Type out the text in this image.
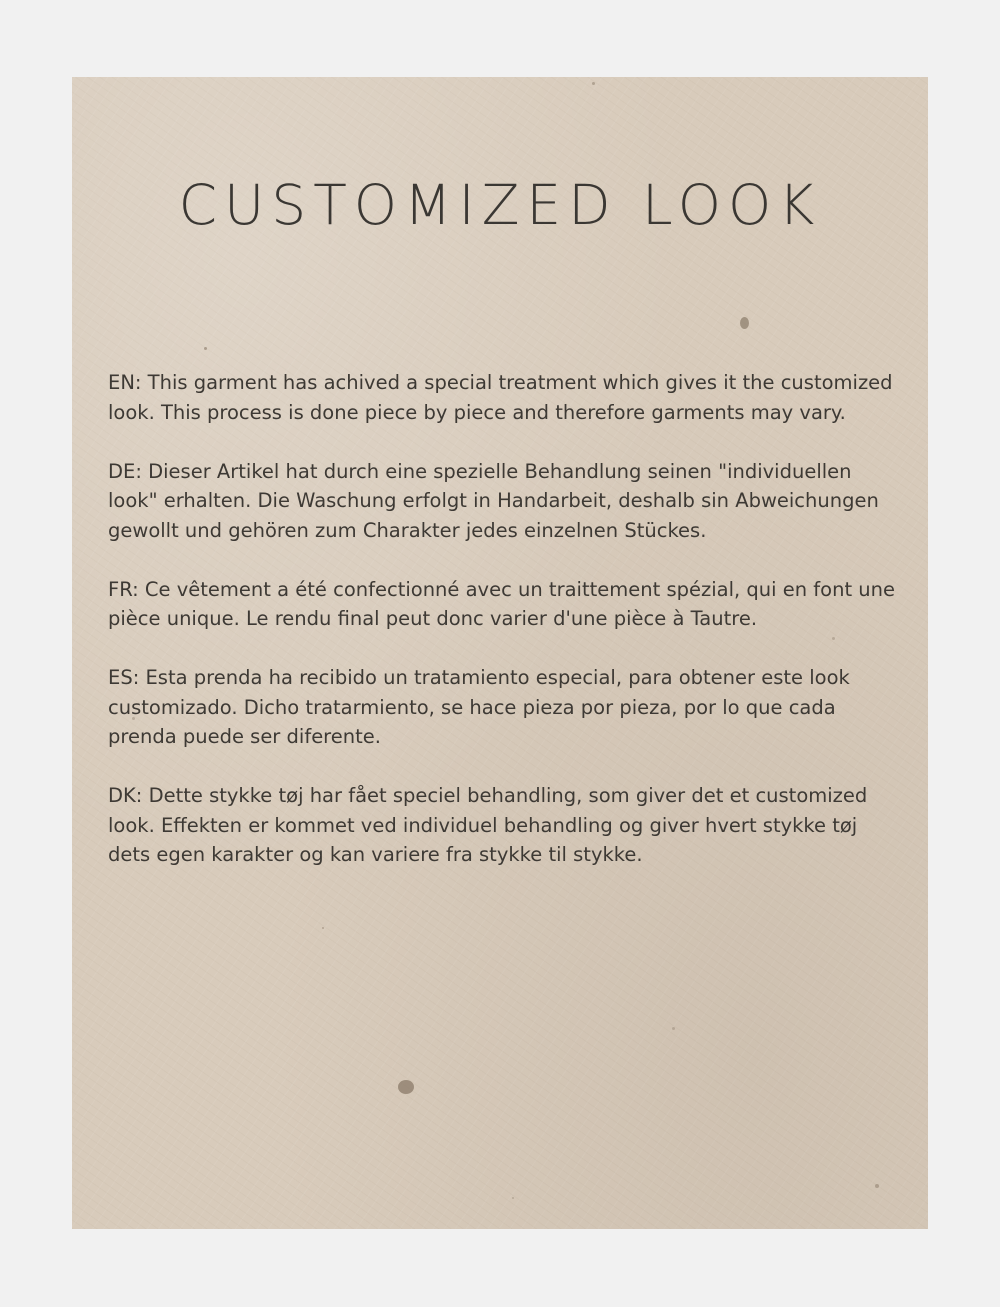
CUSTOMIZED LOOK

EN: This garment has achived a special treatment which gives it the customized look. This process is done piece by piece and therefore garments may vary.

DE: Dieser Artikel hat durch eine spezielle Behandlung seinen "individuellen look" erhalten. Die Waschung erfolgt in Handarbeit, deshalb sin Abweichungen gewollt und gehören zum Charakter jedes einzelnen Stückes.

FR: Ce vêtement a été confectionné avec un traittement spézial, qui en font une pièce unique. Le rendu final peut donc varier d'une pièce à Tautre.

ES: Esta prenda ha recibido un tratamiento especial, para obtener este look customizado. Dicho tratarmiento, se hace pieza por pieza, por lo que cada prenda puede ser diferente.

DK: Dette stykke tøj har fået speciel behandling, som giver det et customized look. Effekten er kommet ved individuel behandling og giver hvert stykke tøj dets egen karakter og kan variere fra stykke til stykke.
